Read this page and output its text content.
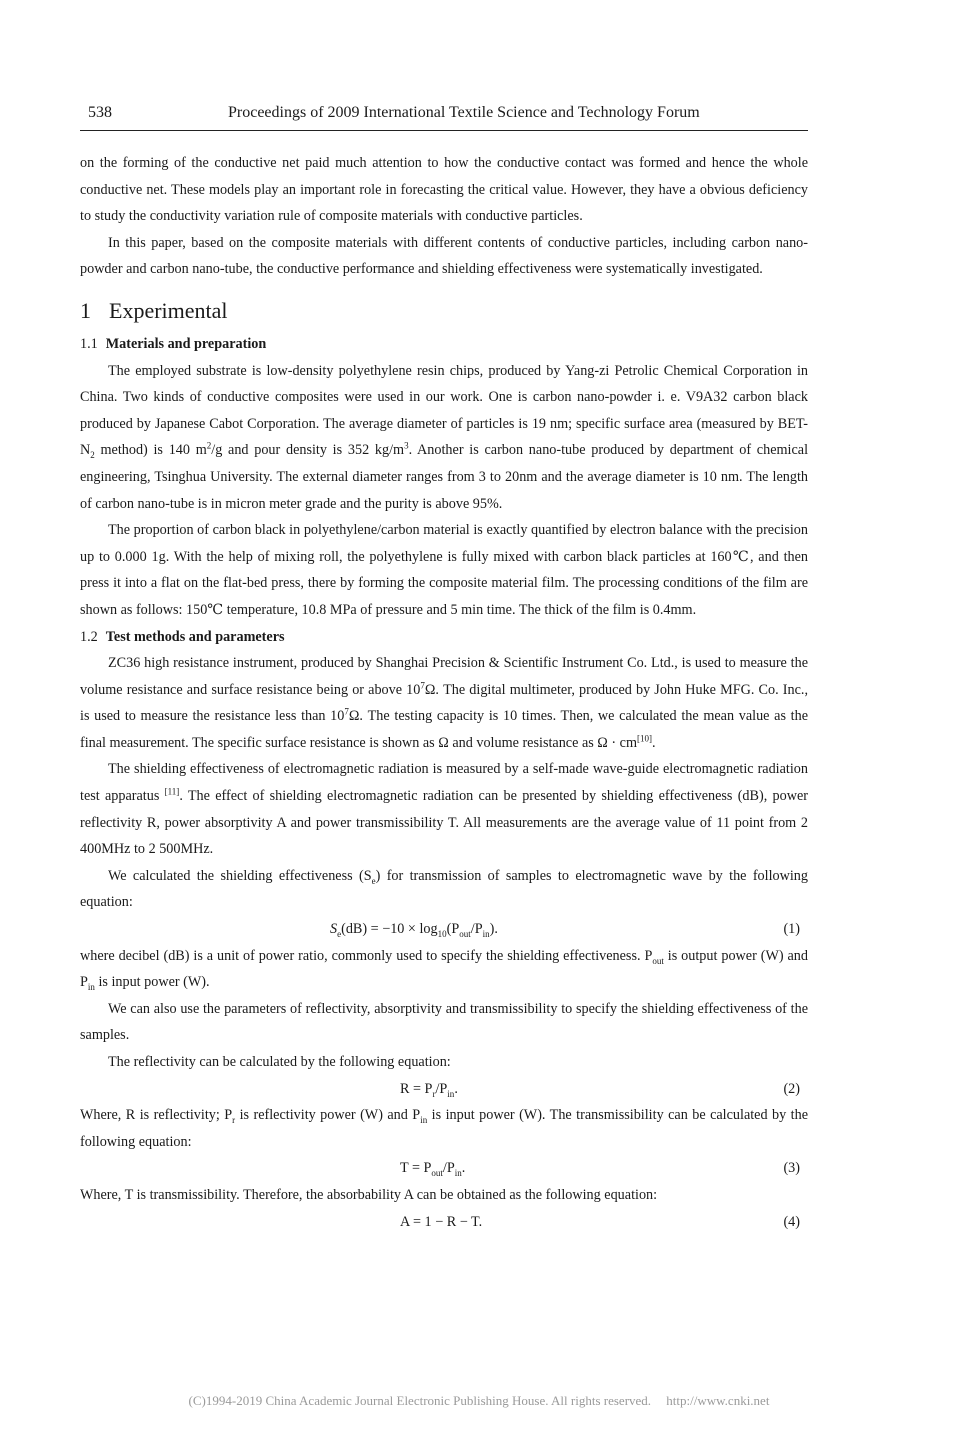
538	Proceedings of 2009 International Textile Science and Technology Forum

on the forming of the conductive net paid much attention to how the conductive contact was formed and hence the whole conductive net. These models play an important role in forecasting the critical value. However, they have a obvious deficiency to study the conductivity variation rule of composite materials with conductive particles.

In this paper, based on the composite materials with different contents of conductive particles, including carbon nano-powder and carbon nano-tube, the conductive performance and shielding effectiveness were systematically investigated.

1 Experimental
1.1 Materials and preparation

The employed substrate is low-density polyethylene resin chips, produced by Yang-zi Petrolic Chemical Corporation in China. Two kinds of conductive composites were used in our work. One is carbon nano-powder i. e. V9A32 carbon black produced by Japanese Cabot Corporation. The average diameter of particles is 19 nm; specific surface area (measured by BET-$N_2$ method) is 140 $m^2/g$ and pour density is 352 $kg/m^3$. Another is carbon nano-tube produced by department of chemical engineering, Tsinghua University. The external diameter ranges from 3 to 20nm and the average diameter is 10 nm. The length of carbon nano-tube is in micron meter grade and the purity is above 95%.

The proportion of carbon black in polyethylene/carbon material is exactly quantified by electron balance with the precision up to 0.000 1g. With the help of mixing roll, the polyethylene is fully mixed with carbon black particles at 160℃, and then press it into a flat on the flat-bed press, there by forming the composite material film. The processing conditions of the film are shown as follows: 150℃ temperature, 10.8 MPa of pressure and 5 min time. The thick of the film is 0.4mm.

1.2 Test methods and parameters

ZC36 high resistance instrument, produced by Shanghai Precision & Scientific Instrument Co. Ltd., is used to measure the volume resistance and surface resistance being or above $10^7\Omega$. The digital multimeter, produced by John Huke MFG. Co. Inc., is used to measure the resistance less than $10^7\Omega$. The testing capacity is 10 times. Then, we calculated the mean value as the final measurement. The specific surface resistance is shown as Ω and volume resistance as Ω · cm[10].

The shielding effectiveness of electromagnetic radiation is measured by a self-made wave-guide electromagnetic radiation test apparatus [11]. The effect of shielding electromagnetic radiation can be presented by shielding effectiveness (dB), power reflectivity R, power absorptivity A and power transmissibility T. All measurements are the average value of 11 point from 2 400MHz to 2 500MHz.

We calculated the shielding effectiveness $(S_e)$ for transmission of samples to electromagnetic wave by the following equation:

$S_e(dB) = -10 \times \log_{10}(P_{out}/P_{in})$.	(1)

where decibel (dB) is a unit of power ratio, commonly used to specify the shielding effectiveness. $P_{out}$ is output power (W) and $P_{in}$ is input power (W).

We can also use the parameters of reflectivity, absorptivity and transmissibility to specify the shielding effectiveness of the samples.

The reflectivity can be calculated by the following equation:

$R = P_r/P_{in}$.	(2)

Where, R is reflectivity; $P_r$ is reflectivity power (W) and $P_{in}$ is input power (W). The transmissibility can be calculated by the following equation:

$T = P_{out}/P_{in}$.	(3)

Where, T is transmissibility. Therefore, the absorbability A can be obtained as the following equation:

A = 1 − R − T.	(4)
(C)1994-2019 China Academic Journal Electronic Publishing House. All rights reserved. http://www.cnki.net
